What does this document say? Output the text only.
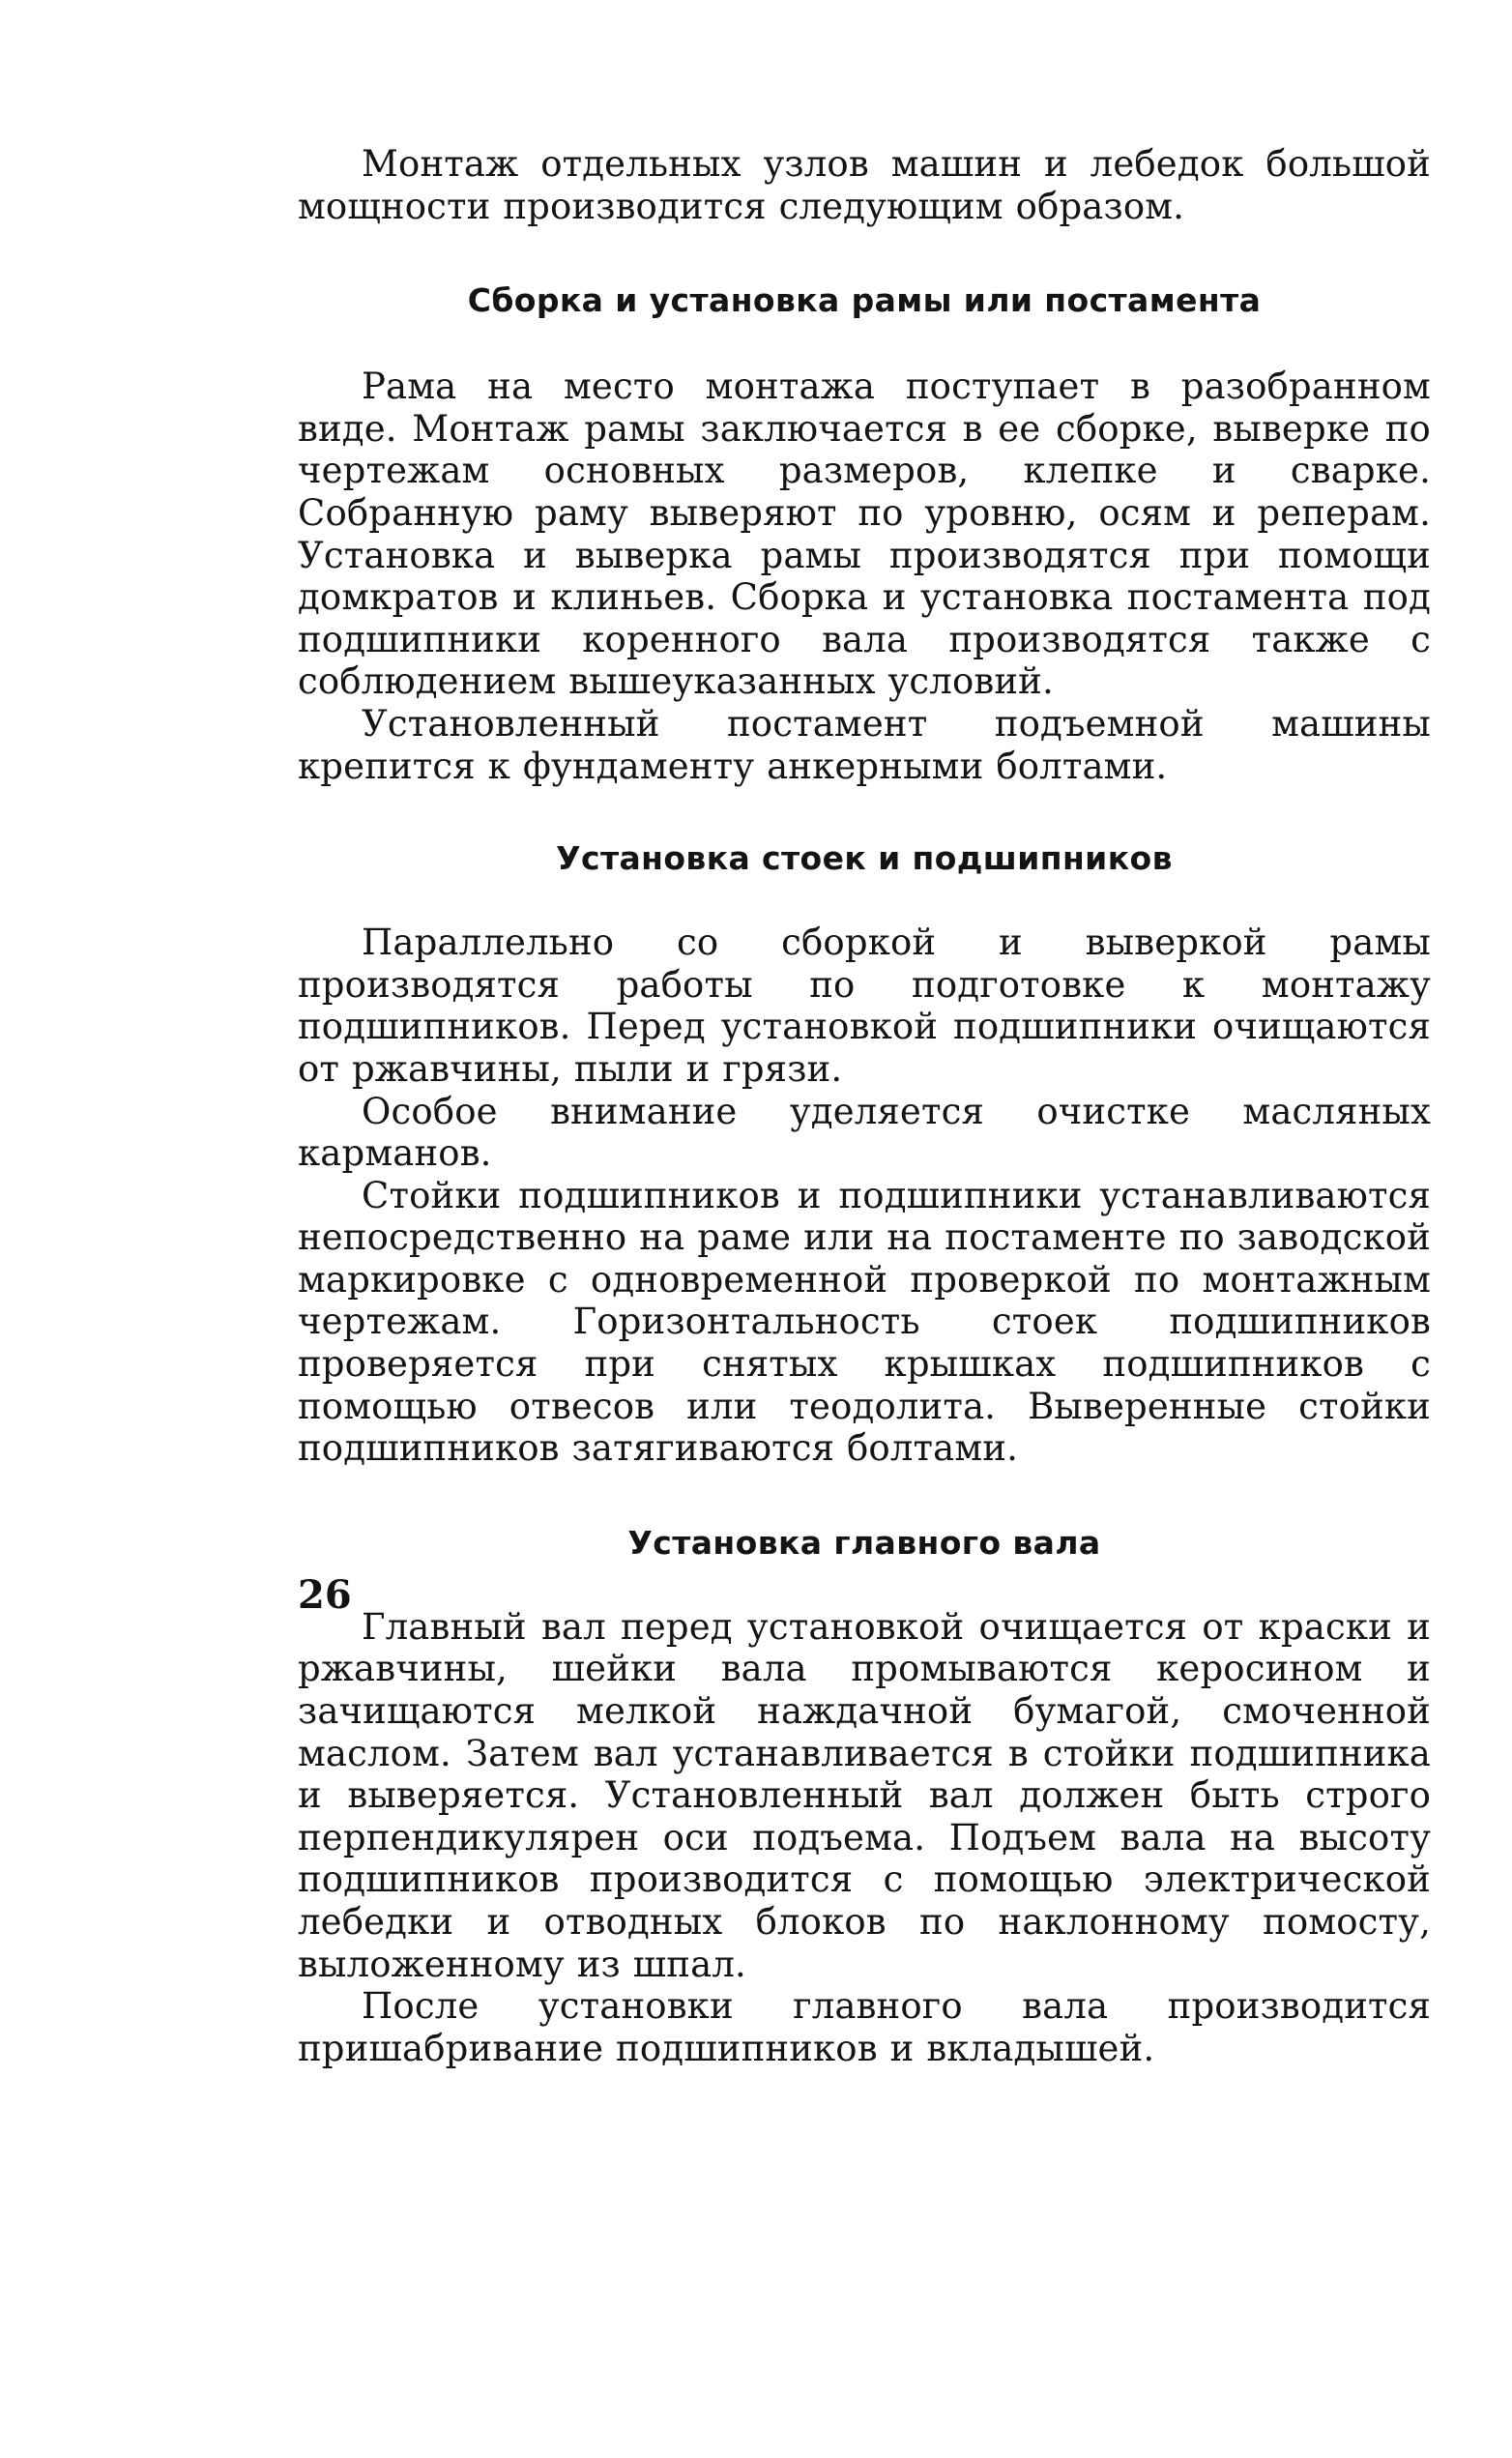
Монтаж отдельных узлов машин и лебедок большой мощности производится следующим образом.

Сборка и установка рамы или постамента

Рама на место монтажа поступает в разобранном виде. Монтаж рамы заключается в ее сборке, выверке по чертежам основных размеров, клепке и сварке. Собранную раму выверяют по уровню, осям и реперам. Установка и выверка рамы производятся при помощи домкратов и клиньев. Сборка и установка постамента под подшипники коренного вала производятся также с соблюдением вышеуказанных условий.

Установленный постамент подъемной машины крепится к фундаменту анкерными болтами.

Установка стоек и подшипников

Параллельно со сборкой и выверкой рамы производятся работы по подготовке к монтажу подшипников. Перед установкой подшипники очищаются от ржавчины, пыли и грязи.

Особое внимание уделяется очистке масляных карманов.

Стойки подшипников и подшипники устанавливаются непосредственно на раме или на постаменте по заводской маркировке с одновременной проверкой по монтажным чертежам. Горизонтальность стоек подшипников проверяется при снятых крышках подшипников с помощью отвесов или теодолита. Выверенные стойки подшипников затягиваются болтами.

Установка главного вала

Главный вал перед установкой очищается от краски и ржавчины, шейки вала промываются керосином и зачищаются мелкой наждачной бумагой, смоченной маслом. Затем вал устанавливается в стойки подшипника и выверяется. Установленный вал должен быть строго перпендикулярен оси подъема. Подъем вала на высоту подшипников производится с помощью электрической лебедки и отводных блоков по наклонному помосту, выложенному из шпал.

После установки главного вала производится пришабривание подшипников и вкладышей.

26
